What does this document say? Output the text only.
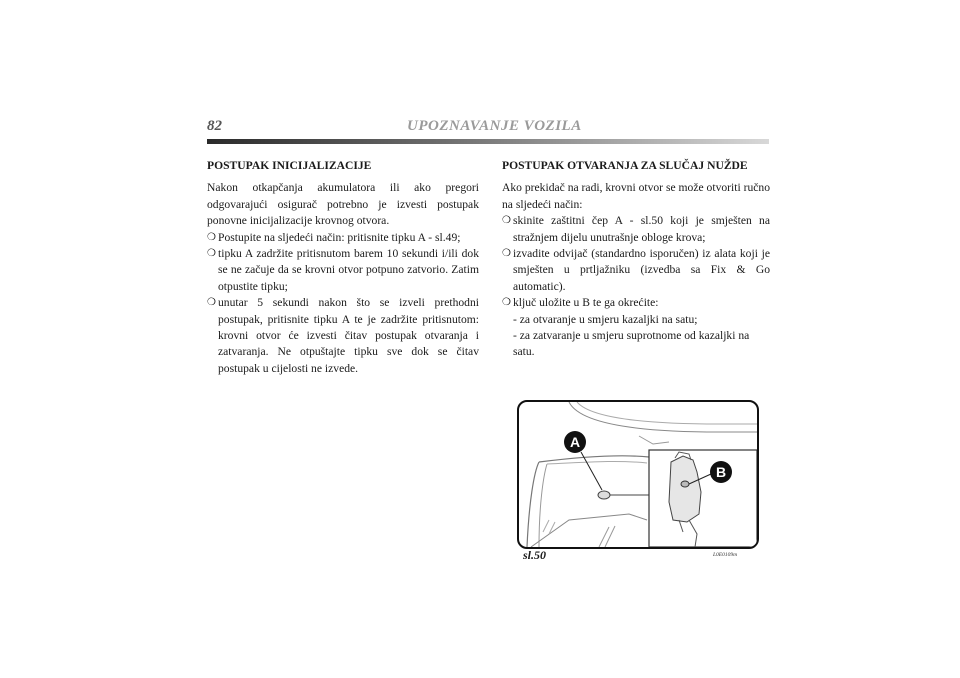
82	UPOZNAVANJE VOZILA

POSTUPAK INICIJALIZACIJE

Nakon otkapčanja akumulatora ili ako pregori odgovarajući osigurač potrebno je izvesti postupak ponovne inicijalizacije krovnog otvora.

❍ Postupite na sljedeći način: pritisnite tipku A - sl.49;

❍ tipku A zadržite pritisnutom barem 10 sekundi i/ili dok se ne začuje da se krovni otvor potpuno zatvorio. Zatim otpustite tipku;

❍ unutar 5 sekundi nakon što se izveli prethodni postupak, pritisnite tipku A te je zadržite pritisnutom: krovni otvor će izvesti čitav postupak otvaranja i zatvaranja. Ne otpuštajte tipku sve dok se čitav postupak u cijelosti ne izvede.

POSTUPAK OTVARANJA ZA SLUČAJ NUŽDE

Ako prekidač na radi, krovni otvor se može otvoriti ručno na sljedeći način:

❍ skinite zaštitni čep A - sl.50 koji je smješten na stražnjem dijelu unutrašnje obloge krova;

❍ izvadite odvijač (standardno isporučen) iz alata koji je smješten u prtljažniku (izvedba sa Fix & Go automatic).

❍ ključ uložite u B te ga okrećite:

- za otvaranje u smjeru kazaljki na satu;

- za zatvaranje u smjeru suprotnome od kazaljki na satu.

A
B
sl.50	L0E0109m
